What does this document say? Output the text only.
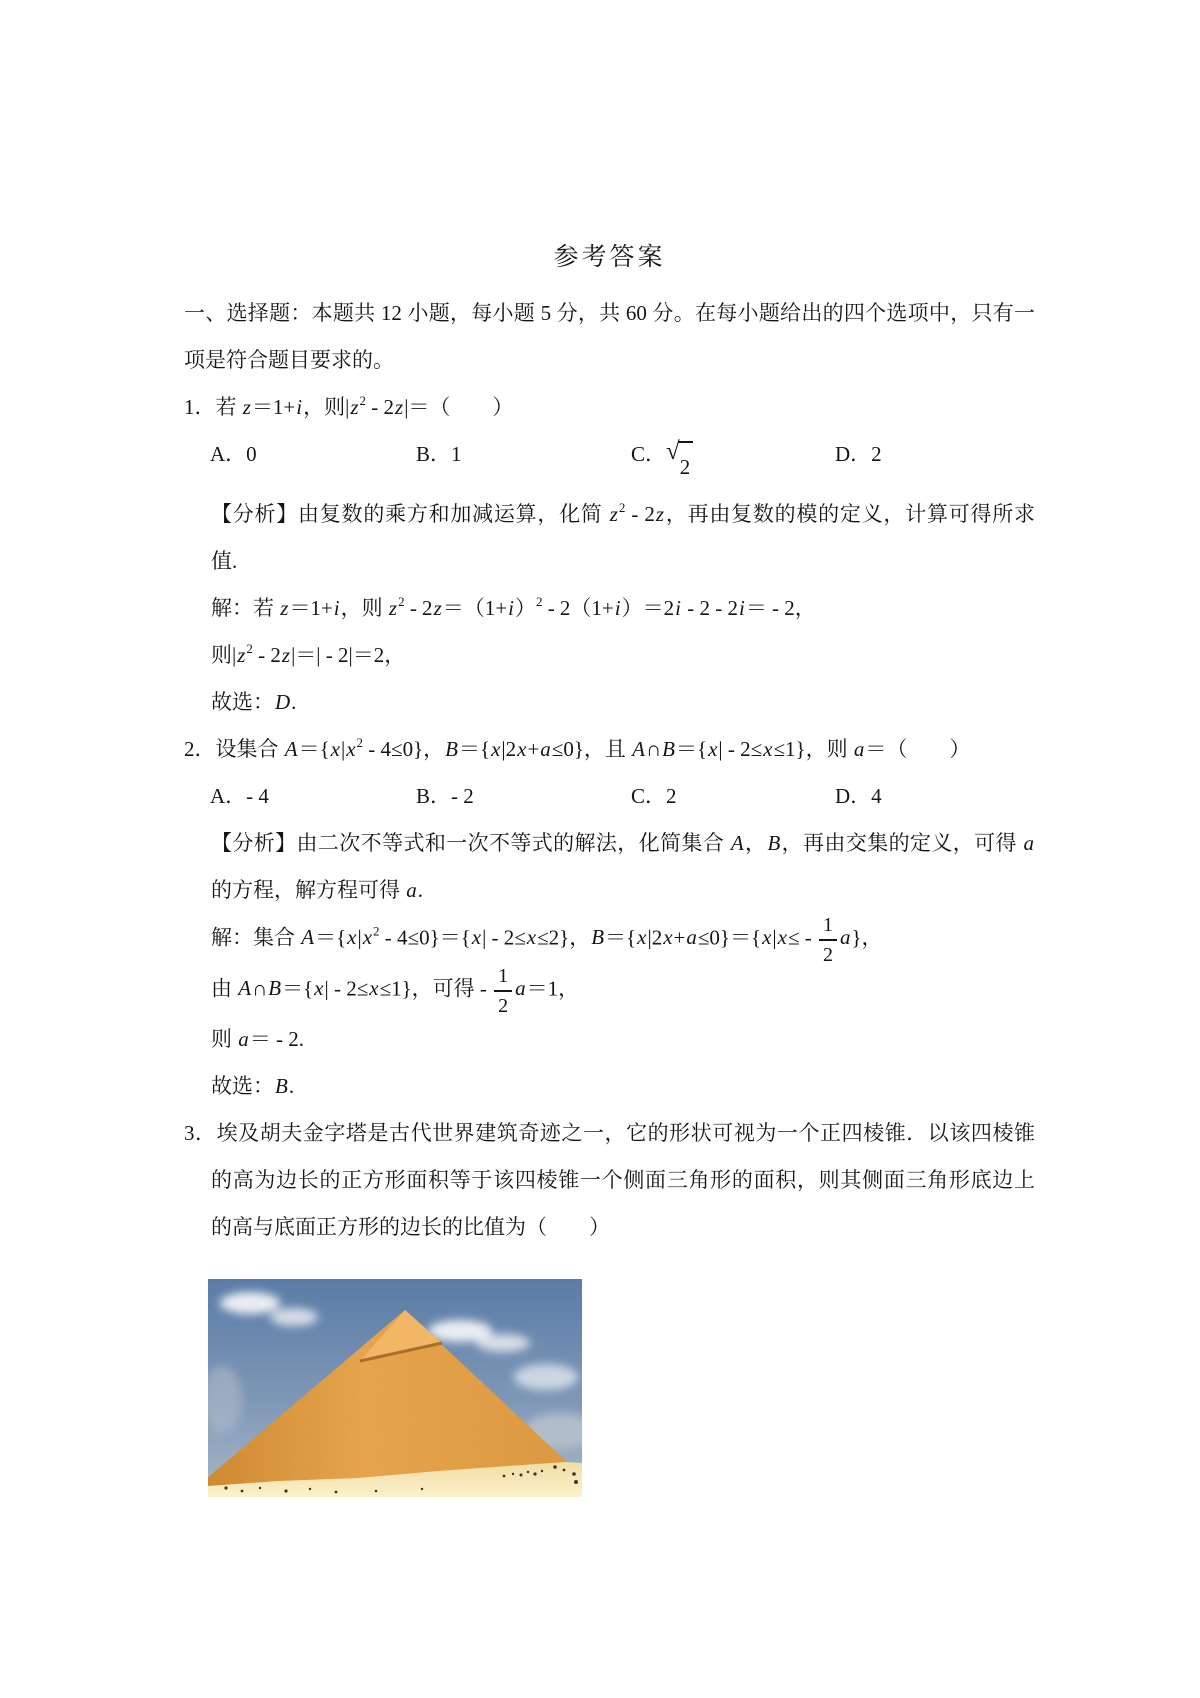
参考答案
一、选择题：本题共 12 小题，每小题 5 分，共 60 分。在每小题给出的四个选项中，只有一
项是符合题目要求的。
1．若 z＝1+i，则$|z^2 - 2z|=$（　　）
A．0	B．1	C． √
2
D．2
【分析】由复数的乘方和加减运算，化简 $z^2 - 2z$，再由复数的模的定义，计算可得所求
值.
解：若 z＝1+i，则 $z^2 - 2z=(1+i)^2 - 2(1+i)=2i - 2 - 2i= - 2$，
则$|z^2 - 2z|=| - 2|=2$，
故选：D.
2．设集合 $A=\{x|x^2 - 4\le 0\}$，B＝{x|2x+a≤0}，且 A∩B＝{x| - 2≤x≤1}，则 a＝（　　）
A．- 4	B．- 2	C．2	D．4
【分析】由二次不等式和一次不等式的解法，化简集合 A，B，再由交集的定义，可得 a
的方程，解方程可得 a.
解：集合 $A=\{x|x^2 - 4\le 0\}=\{x| - 2\le x\le 2\}$，$B=\{x|2x+a\le 0\}=\{x|x\le - \frac{1}{2} a\}$，
由 A∩B＝{x| - 2≤x≤1}，可得 - $\frac{1}{2} a=1$，
则 a＝ - 2.
故选：B.
3．埃及胡夫金字塔是古代世界建筑奇迹之一，它的形状可视为一个正四棱锥．以该四棱锥
的高为边长的正方形面积等于该四棱锥一个侧面三角形的面积，则其侧面三角形底边上
的高与底面正方形的边长的比值为（　　）
